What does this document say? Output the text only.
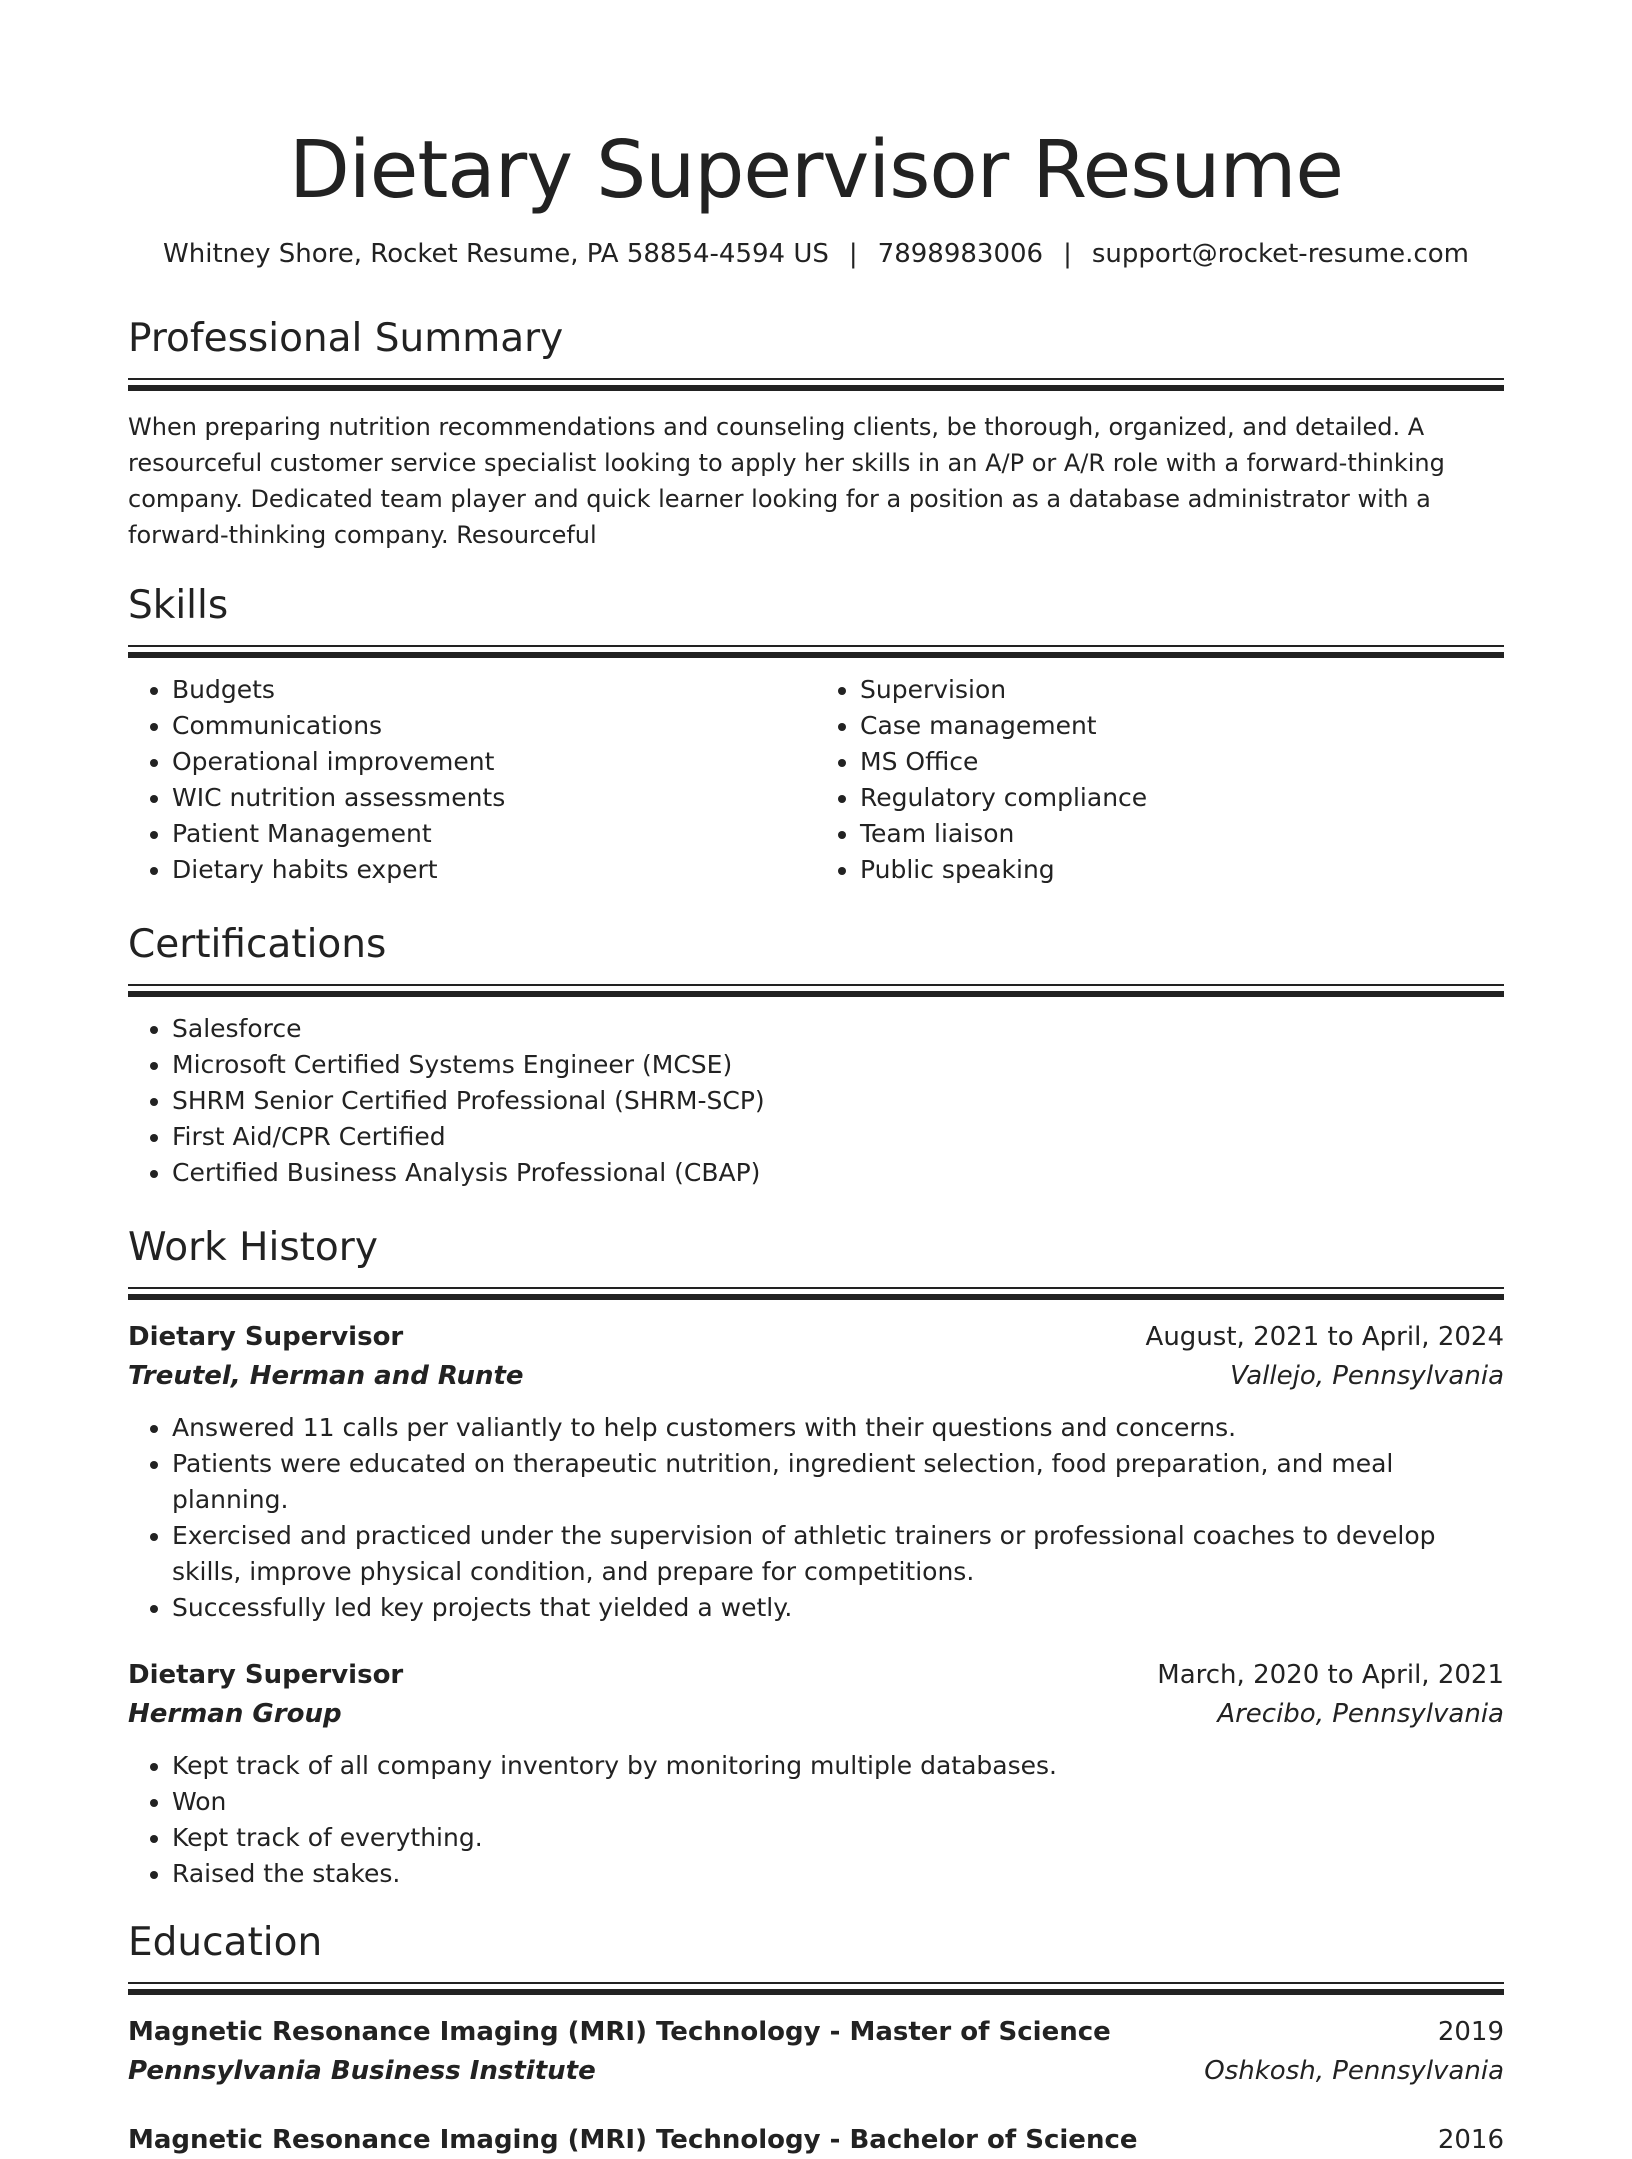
Dietary Supervisor Resume
Whitney Shore, Rocket Resume, PA 58854-4594 US | 7898983006 | support@rocket-resume.com
Professional Summary

When preparing nutrition recommendations and counseling clients, be thorough, organized, and detailed. A resourceful customer service specialist looking to apply her skills in an A/P or A/R role with a forward-thinking company. Dedicated team player and quick learner looking for a position as a database administrator with a forward-thinking company. Resourceful

Skills
• Budgets
• Communications
• Operational improvement
• WIC nutrition assessments
• Patient Management
• Dietary habits expert
• Supervision
• Case management
• MS Office
• Regulatory compliance
• Team liaison
• Public speaking
Certifications
• Salesforce
• Microsoft Certified Systems Engineer (MCSE)
• SHRM Senior Certified Professional (SHRM-SCP)
• First Aid/CPR Certified
• Certified Business Analysis Professional (CBAP)
Work History
Dietary Supervisor	August, 2021 to April, 2024
Treutel, Herman and Runte	Vallejo, Pennsylvania
• Answered 11 calls per valiantly to help customers with their questions and concerns.
• Patients were educated on therapeutic nutrition, ingredient selection, food preparation, and meal planning.
• Exercised and practiced under the supervision of athletic trainers or professional coaches to develop skills, improve physical condition, and prepare for competitions.
• Successfully led key projects that yielded a wetly.
Dietary Supervisor	March, 2020 to April, 2021
Herman Group	Arecibo, Pennsylvania
• Kept track of all company inventory by monitoring multiple databases.
• Won
• Kept track of everything.
• Raised the stakes.
Education
Magnetic Resonance Imaging (MRI) Technology - Master of Science	2019
Pennsylvania Business Institute	Oshkosh, Pennsylvania
Magnetic Resonance Imaging (MRI) Technology - Bachelor of Science	2016
